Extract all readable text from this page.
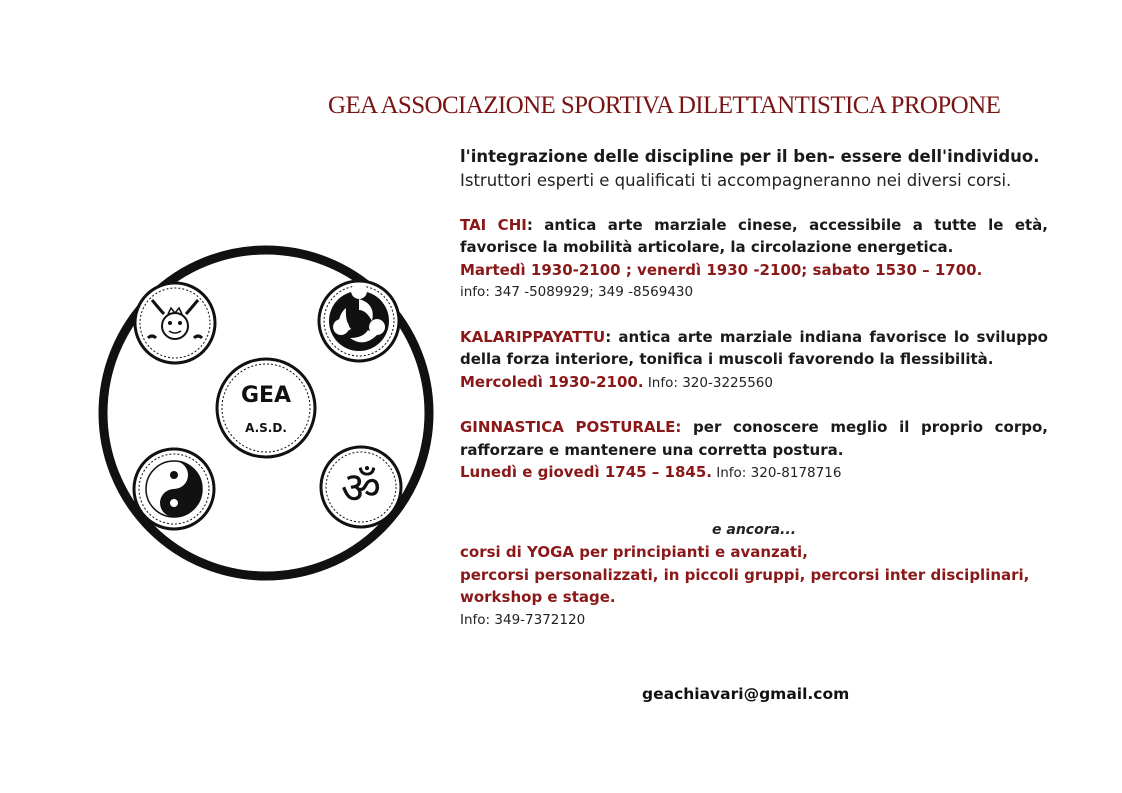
GEA ASSOCIAZIONE SPORTIVA DILETTANTISTICA PROPONE
ॐ
GEA
A.S.D.
l'integrazione delle discipline per il ben- essere dell'individuo.
Istruttori esperti e qualificati ti accompagneranno nei diversi corsi.
TAI CHI: antica arte marziale cinese, accessibile a tutte le età, favorisce la mobilità articolare, la circolazione energetica.
Martedì 1930-2100 ; venerdì 1930 -2100; sabato 1530 – 1700.
info: 347 -5089929; 349 -8569430
KALARIPPAYATTU: antica arte marziale indiana favorisce lo sviluppo della forza interiore, tonifica i muscoli favorendo la flessibilità.
Mercoledì 1930-2100. Info: 320-3225560
GINNASTICA POSTURALE: per conoscere meglio il proprio corpo, rafforzare e mantenere una corretta postura.
Lunedì e giovedì 1745 – 1845. Info: 320-8178716
e ancora...
corsi di YOGA per principianti e avanzati,
percorsi personalizzati, in piccoli gruppi, percorsi inter disciplinari,
workshop e stage.
Info: 349-7372120
geachiavari@gmail.com
